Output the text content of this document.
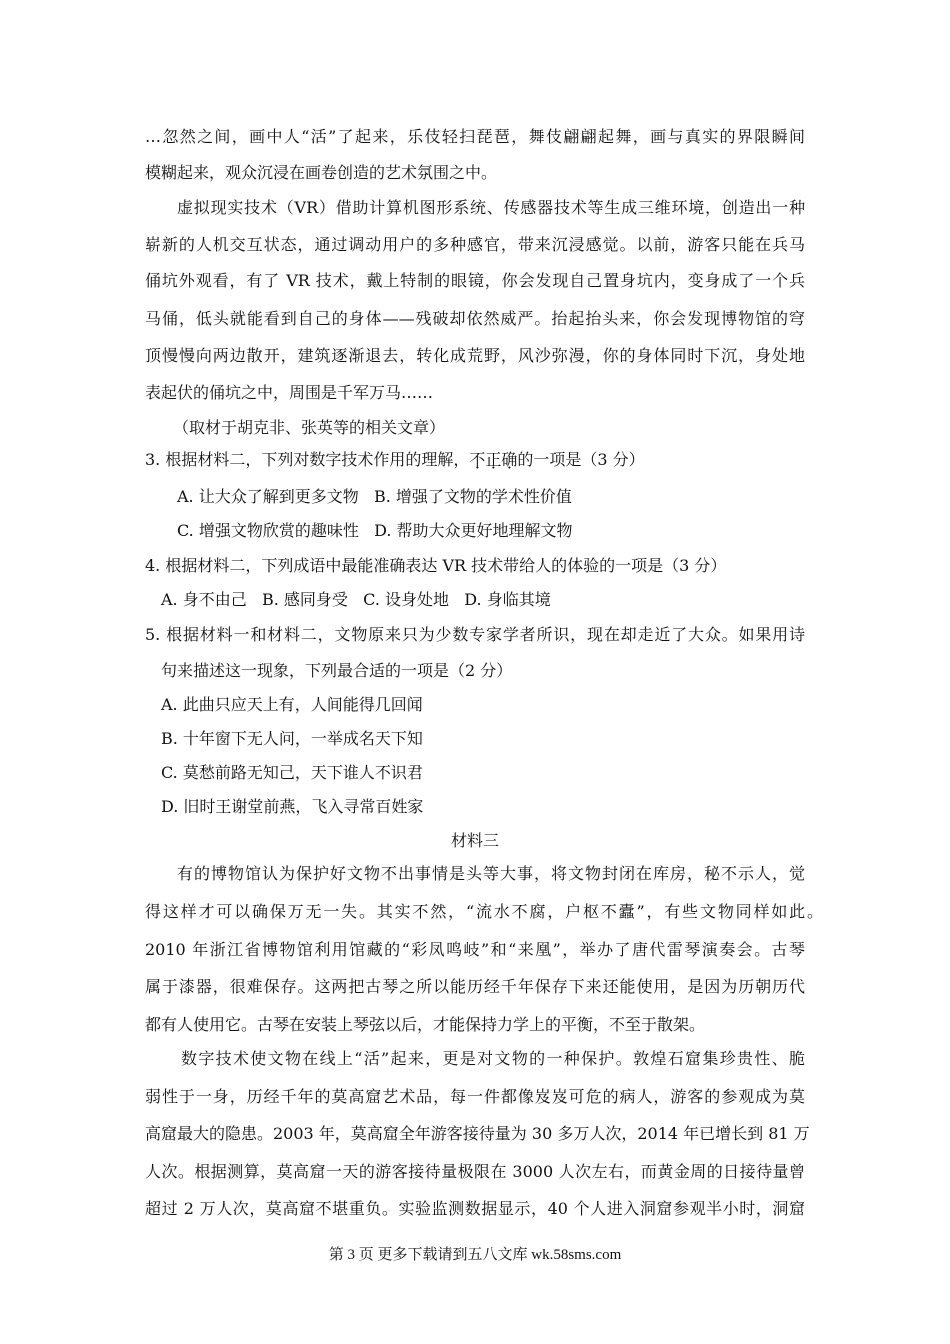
…忽然之间，画中人“活”了起来，乐伎轻扫琵琶，舞伎翩翩起舞，画与真实的界限瞬间
模糊起来，观众沉浸在画卷创造的艺术氛围之中。
虚拟现实技术（VR）借助计算机图形系统、传感器技术等生成三维环境，创造出一种
崭新的人机交互状态，通过调动用户的多种感官，带来沉浸感觉。以前，游客只能在兵马
俑坑外观看，有了 VR 技术，戴上特制的眼镜，你会发现自己置身坑内，变身成了一个兵
马俑，低头就能看到自己的身体——残破却依然威严。抬起抬头来，你会发现博物馆的穹
顶慢慢向两边散开，建筑逐渐退去，转化成荒野，风沙弥漫，你的身体同时下沉，身处地
表起伏的俑坑之中，周围是千军万马……
（取材于胡克非、张英等的相关文章）
3. 根据材料二，下列对数字技术作用的理解，不正确的一项是（3 分）
A. 让大众了解到更多文物   B. 增强了文物的学术性价值
C. 增强文物欣赏的趣味性   D. 帮助大众更好地理解文物
4. 根据材料二，下列成语中最能准确表达 VR 技术带给人的体验的一项是（3 分）
A. 身不由己   B. 感同身受   C. 设身处地   D. 身临其境
5. 根据材料一和材料二，文物原来只为少数专家学者所识，现在却走近了大众。如果用诗
句来描述这一现象，下列最合适的一项是（2 分）
A. 此曲只应天上有，人间能得几回闻
B. 十年窗下无人问，一举成名天下知
C. 莫愁前路无知己，天下谁人不识君
D. 旧时王谢堂前燕，飞入寻常百姓家
材料三
有的博物馆认为保护好文物不出事情是头等大事，将文物封闭在库房，秘不示人，觉
得这样才可以确保万无一失。其实不然，“流水不腐，户枢不蠹”，有些文物同样如此。
2010 年浙江省博物馆利用馆藏的“彩凤鸣岐”和“来凰”，举办了唐代雷琴演奏会。古琴
属于漆器，很难保存。这两把古琴之所以能历经千年保存下来还能使用，是因为历朝历代
都有人使用它。古琴在安装上琴弦以后，才能保持力学上的平衡，不至于散架。
数字技术使文物在线上“活”起来，更是对文物的一种保护。敦煌石窟集珍贵性、脆
弱性于一身，历经千年的莫高窟艺术品，每一件都像岌岌可危的病人，游客的参观成为莫
高窟最大的隐患。2003 年，莫高窟全年游客接待量为 30 多万人次，2014 年已增长到 81 万
人次。根据测算，莫高窟一天的游客接待量极限在 3000 人次左右，而黄金周的日接待量曾
超过 2 万人次，莫高窟不堪重负。实验监测数据显示，40 个人进入洞窟参观半小时，洞窟
第 3 页 更多下载请到五八文库 wk.58sms.com
